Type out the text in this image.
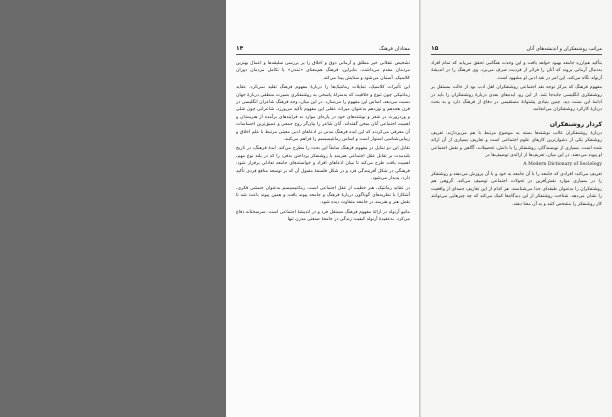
مفتادان فرهنگ
۱۴

تشخیص عقلانی خیر مطلق و آرمانی ذوق و اخلاق را بر بررسی سلیقه‌ها و اعمال بهترین مردمان مقدم می‌داشت. بنابراین، فرهنگ هم‌معنای «تمدن» یا تکامل مردمان دوران کلاسیک، آسمان می‌شود و ستایش پیدا می‌کند.

این تأثیرات کلاسیک، تمایلات رمانتیک‌ها را دربارهٔ مفهوم فرهنگ تقلید نمی‌کرد. عقاید رمانتیکی چون تنوع و خلاقیت که به‌منزلهٔ پاسخی به روشنفکری بصیرت منطقی دربارهٔ جهان نسبت می‌دهد، اساس این مفهوم را می‌سازد. در این میان، وجه فرهنگ شاعران انگلیسی در قرن هجدهم و نوزدهم به‌عنوان میراث عقلی این مفهوم تأکید می‌ورزد. شاعرانی چون شلی و وردزورث در شعر و نوشته‌های خود در پاره‌ای موارد به فرایندهای برآمده از هنرمندان و اهمیت اجتماعی آنان سخن گفته‌اند. آنان شاعر را بیان‌گر روح جمعی و عمیق‌ترین احساسات آن معرفی می‌کردند که این ایده فرهنگ مدنی بر ادعاهای ادبی معینی مرتبط با علم اخلاق و زیبایی‌شناسی استوار است و اساس رمانتیسیسم را فراهم می‌کنند.

تقابل این دو تمایل در مفهوم فرهنگ سابقاً این بحث را مطرح می‌کند. ایدهٔ فرهنگ، در تاریخ بلندمدت بر تقابل عقل اجتماعی هنرمند با روشنفکر پرداختن به‌فرد را که در بلند نوع مهم، اهمیت یافت طرح می‌کند تا میان ادعاهای افراد و خواسته‌های جامعه تعادلی برقرار شود. فرهنگی در شکل آفرینندگی فرد و در شکل فلسفهٔ مقبول آن که بر توسعه منافع فردی تأکید دارد، پدیدار می‌شود.

در عقاید رمانتیک، هنر خطیب از عقل اجتماعی است. رمانتیسیسم به‌عنوان جنبشی فکری، آشکارا با نظریه‌های گوناگون دربارهٔ فرهنگ و جامعه پیوند یافت و همین پیوند باعث شد تا نقش هنر و هنرمند در جامعه متفاوت دیده شود.

مانیو آرنولد در ارائهٔ مفهوم فرهنگ مستقل فرد و در اندیشهٔ اجتماعی است. سرسختانه دفاع می‌کرد. به‌عقیدهٔ آرنولد کیفیت زندگی در جامعهٔ صنعتی مدرن تنها

مراتب روشنفکران و اندیشه‌های آنان
۱۵

بتأکید هم‌ارزه جامعه بهبود خواهد یافت و این وحدت هنگامی تحقق می‌یابد که تمام افراد به‌دنبال آرمانی بروند که آنان را فراتر از فردیت صرف می‌برد. وی فرهنگ را در اندیشهٔ آرنولد نگاه می‌کند. این امر در نقد ادبی او مشهود است.

مفهوم فرهنگ که مرکز توجه نقد اجتماعی روشنفکران اهل ادب بود از حالت مستقل بر روشنفکری انگلیسی جابه‌جا شد. از این رو، ایده‌های بعدی دربارهٔ روشنفکران را باید در ادامهٔ این سنت دید. چنین بنیادی پشتوانهٔ مستقیمی در دفاع از فرهنگ دارد و به بحث دربارهٔ کارکرد روشنفکران می‌انجامد.

کردار روشنفکران

دربارهٔ روشنفکران غالب نوشته‌ها بسته به موضوع مرتبط با هم می‌پردازند. تعریف روشنفکر یکی از دشوارترین کارهای علوم اجتماعی است و تعاریف بسیاری از آن ارائه شده است. بسیاری از نویسندگان، روشنفکر را با دانش، تحصیلات، آگاهی و نقش اجتماعی او پیوند می‌دهند. در این میان، تعریف‌ها از ارائه‌ی توصیف‌ها در

A Modern Dictionary of Sociology

تعریف می‌کند: افرادی که جامعه را با آن جامعه به خود و با آن پرورش می‌دهند و روشنفکر را در بسیاری موارد نقش‌آفرین در تحولات اجتماعی توصیف می‌کند. گروهی هم روشنفکران را به‌عنوان طبقه‌ای جدا می‌شناسند. هر کدام از این تعاریف جنبه‌ای از واقعیت را نشان می‌دهد. شناخت روشنفکر از این دیدگاه‌ها کمک می‌کند که چه چیزهایی می‌توانند کار روشنفکر را مشخص کنند و به آن معنا دهند.
